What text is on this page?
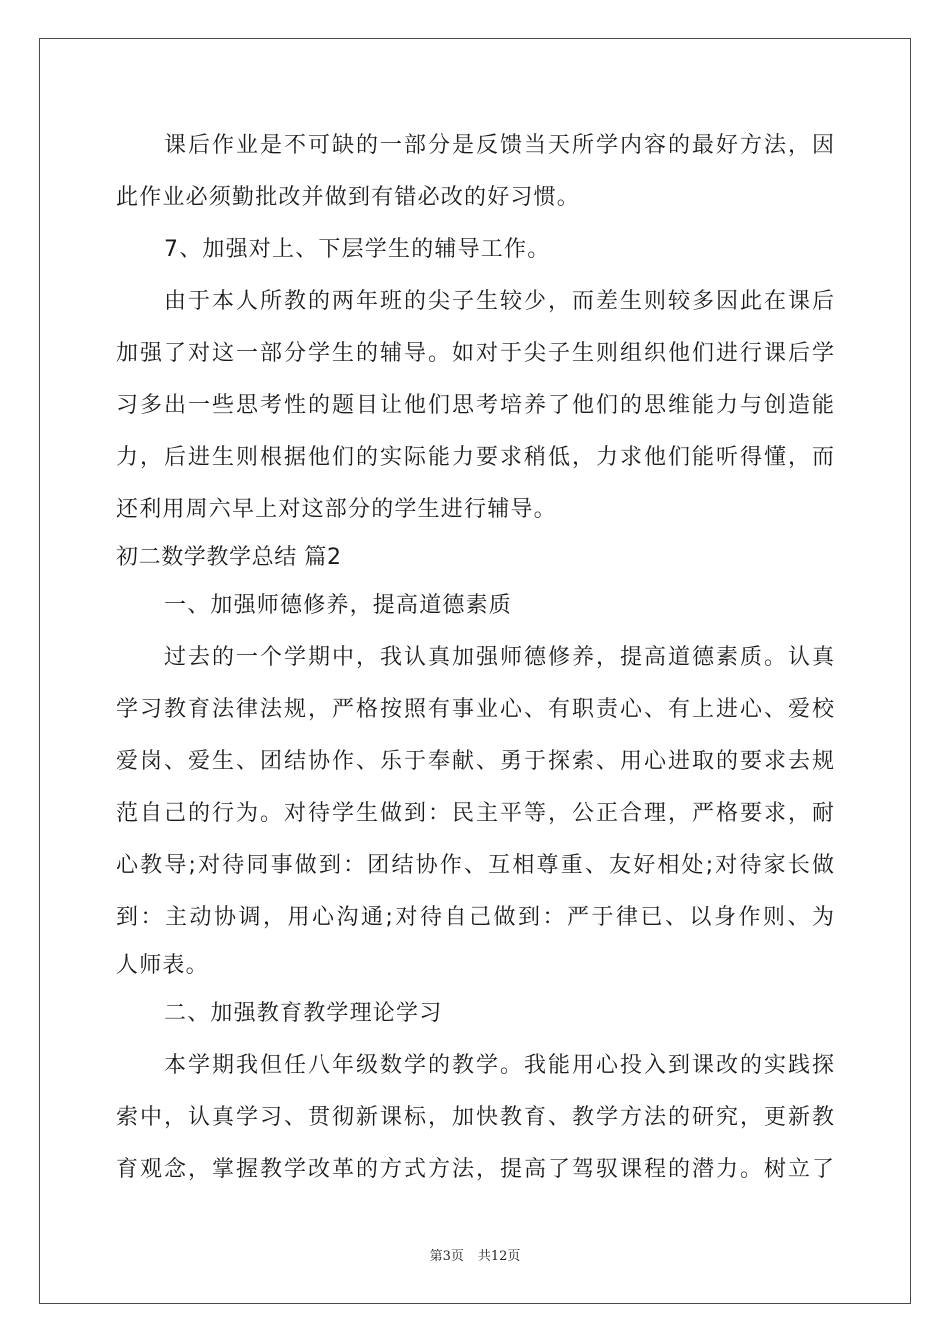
课后作业是不可缺的一部分是反馈当天所学内容的最好方法，因
此作业必须勤批改并做到有错必改的好习惯。
7、加强对上、下层学生的辅导工作。
由于本人所教的两年班的尖子生较少，而差生则较多因此在课后
加强了对这一部分学生的辅导。如对于尖子生则组织他们进行课后学
习多出一些思考性的题目让他们思考培养了他们的思维能力与创造能
力，后进生则根据他们的实际能力要求稍低，力求他们能听得懂，而
还利用周六早上对这部分的学生进行辅导。
初二数学教学总结 篇2
一、加强师德修养，提高道德素质
过去的一个学期中，我认真加强师德修养，提高道德素质。认真
学习教育法律法规，严格按照有事业心、有职责心、有上进心、爱校
爱岗、爱生、团结协作、乐于奉献、勇于探索、用心进取的要求去规
范自己的行为。对待学生做到：民主平等，公正合理，严格要求，耐
心教导;对待同事做到：团结协作、互相尊重、友好相处;对待家长做
到：主动协调，用心沟通;对待自己做到：严于律已、以身作则、为
人师表。
二、加强教育教学理论学习
本学期我但任八年级数学的教学。我能用心投入到课改的实践探
索中，认真学习、贯彻新课标，加快教育、教学方法的研究，更新教
育观念，掌握教学改革的方式方法，提高了驾驭课程的潜力。树立了
第3页 共12页
